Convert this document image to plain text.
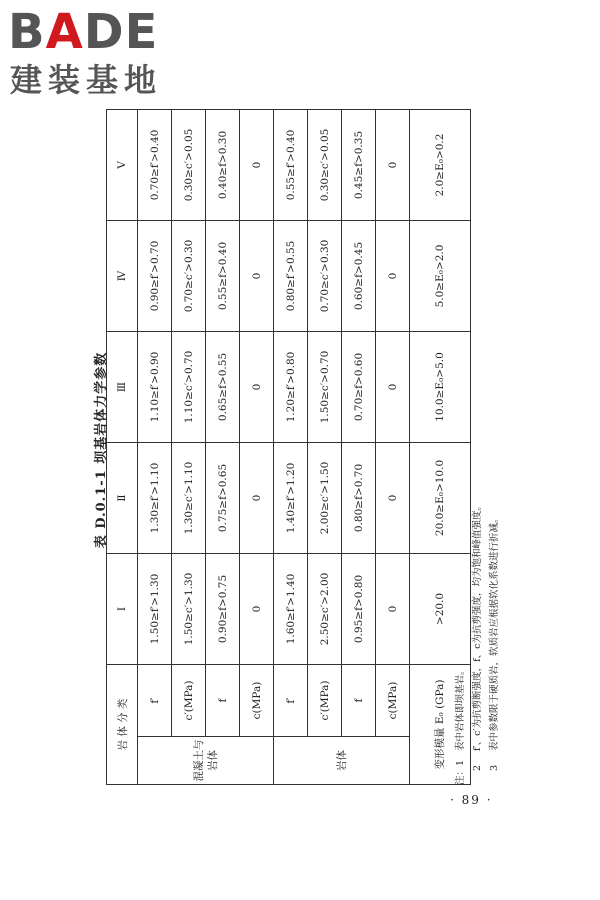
BADE
建装基地
表 D.0.1-1 坝基岩体力学参数
岩 体 分 类		Ⅰ	Ⅱ	Ⅲ	Ⅳ	Ⅴ
混凝土与岩体	f′	1.50≥f′>1.30	1.30≥f′>1.10	1.10≥f′>0.90	0.90≥f′>0.70	0.70≥f′>0.40
	c′(MPa)	1.50≥c′>1.30	1.30≥c′>1.10	1.10≥c′>0.70	0.70≥c′>0.30	0.30≥c′>0.05
	f	0.90≥f>0.75	0.75≥f>0.65	0.65≥f>0.55	0.55≥f>0.40	0.40≥f>0.30
	c(MPa)	0	0	0	0	0
岩体	f′	1.60≥f′>1.40	1.40≥f′>1.20	1.20≥f′>0.80	0.80≥f′>0.55	0.55≥f′>0.40
	c′(MPa)	2.50≥c′>2.00	2.00≥c′>1.50	1.50≥c′>0.70	0.70≥c′>0.30	0.30≥c′>0.05
	f	0.95≥f>0.80	0.80≥f>0.70	0.70≥f>0.60	0.60≥f>0.45	0.45≥f>0.35
	c(MPa)	0	0	0	0	0
变形模量 E₀ (GPa)		>20.0	20.0≥E₀>10.0	10.0≥E₀>5.0	5.0≥E₀>2.0	2.0≥E₀>0.2
注：1表中岩体即坝基岩。
2f′、c′为抗剪断强度，f、c为抗剪强度，均为饱和峰值强度。
3表中参数限于硬质岩，软质岩应根据软化系数进行折减。
· 89 ·
